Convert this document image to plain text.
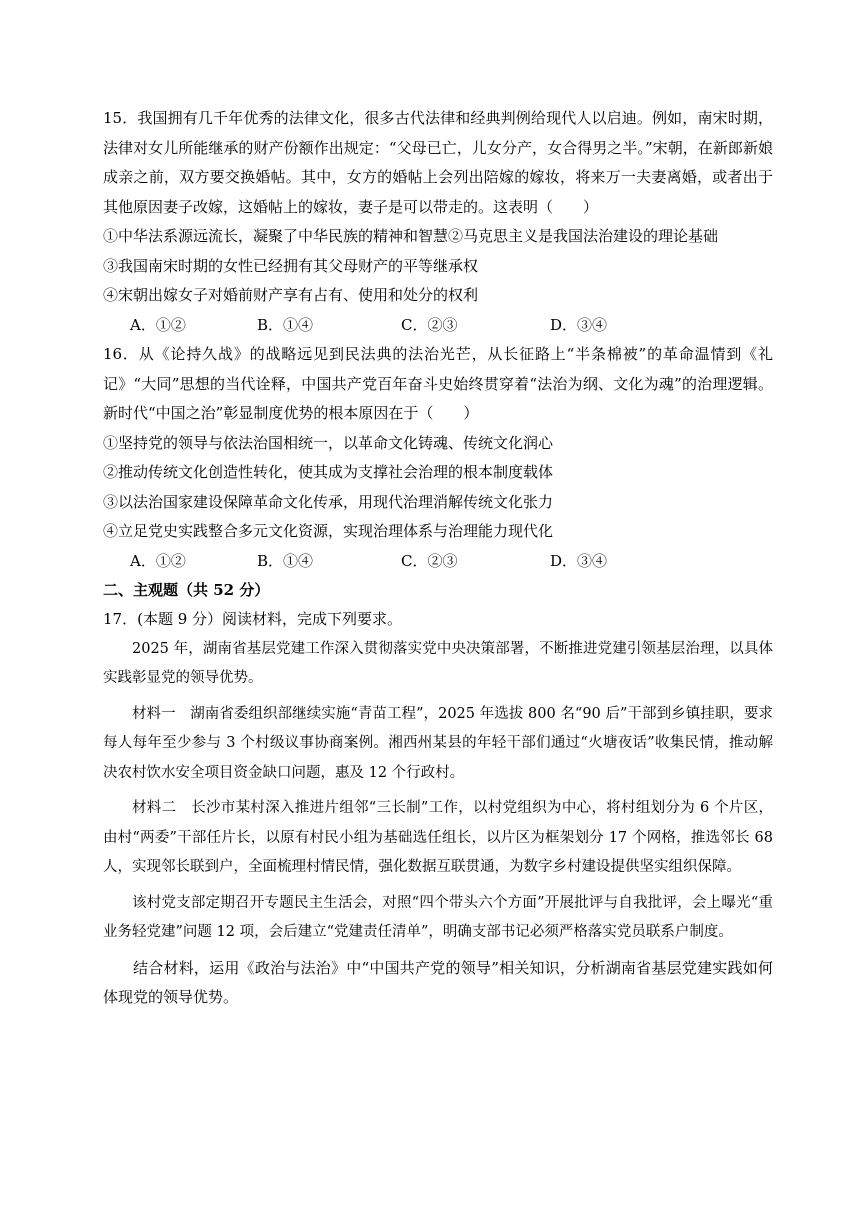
15．我国拥有几千年优秀的法律文化，很多古代法律和经典判例给现代人以启迪。例如，南宋时期，法律对女儿所能继承的财产份额作出规定：“父母已亡，儿女分产，女合得男之半。”宋朝，在新郎新娘成亲之前，双方要交换婚帖。其中，女方的婚帖上会列出陪嫁的嫁妆，将来万一夫妻离婚，或者出于其他原因妻子改嫁，这婚帖上的嫁妆，妻子是可以带走的。这表明（　　）

①中华法系源远流长，凝聚了中华民族的精神和智慧②马克思主义是我国法治建设的理论基础

③我国南宋时期的女性已经拥有其父母财产的平等继承权

④宋朝出嫁女子对婚前财产享有占有、使用和处分的权利

A．①②	B．①④	C．②③	D．③④

16．从《论持久战》的战略远见到民法典的法治光芒，从长征路上“半条棉被”的革命温情到《礼记》“大同”思想的当代诠释，中国共产党百年奋斗史始终贯穿着“法治为纲、文化为魂”的治理逻辑。新时代“中国之治”彰显制度优势的根本原因在于（　　）

①坚持党的领导与依法治国相统一，以革命文化铸魂、传统文化润心

②推动传统文化创造性转化，使其成为支撑社会治理的根本制度载体

③以法治国家建设保障革命文化传承，用现代治理消解传统文化张力

④立足党史实践整合多元文化资源，实现治理体系与治理能力现代化

A．①②	B．①④	C．②③	D．③④

二、主观题（共 52 分）

17．(本题 9 分）阅读材料，完成下列要求。

2025 年，湖南省基层党建工作深入贯彻落实党中央决策部署，不断推进党建引领基层治理，以具体实践彰显党的领导优势。

材料一　湖南省委组织部继续实施“青苗工程”，2025 年选拔 800 名“90 后”干部到乡镇挂职，要求每人每年至少参与 3 个村级议事协商案例。湘西州某县的年轻干部们通过“火塘夜话”收集民情，推动解决农村饮水安全项目资金缺口问题，惠及 12 个行政村。

材料二　长沙市某村深入推进片组邻“三长制”工作，以村党组织为中心，将村组划分为 6 个片区，由村“两委”干部任片长，以原有村民小组为基础选任组长，以片区为框架划分 17 个网格，推选邻长 68 人，实现邻长联到户，全面梳理村情民情，强化数据互联贯通，为数字乡村建设提供坚实组织保障。

该村党支部定期召开专题民主生活会，对照“四个带头六个方面”开展批评与自我批评，会上曝光“重业务轻党建”问题 12 项，会后建立“党建责任清单”，明确支部书记必须严格落实党员联系户制度。

结合材料，运用《政治与法治》中“中国共产党的领导”相关知识，分析湖南省基层党建实践如何体现党的领导优势。
